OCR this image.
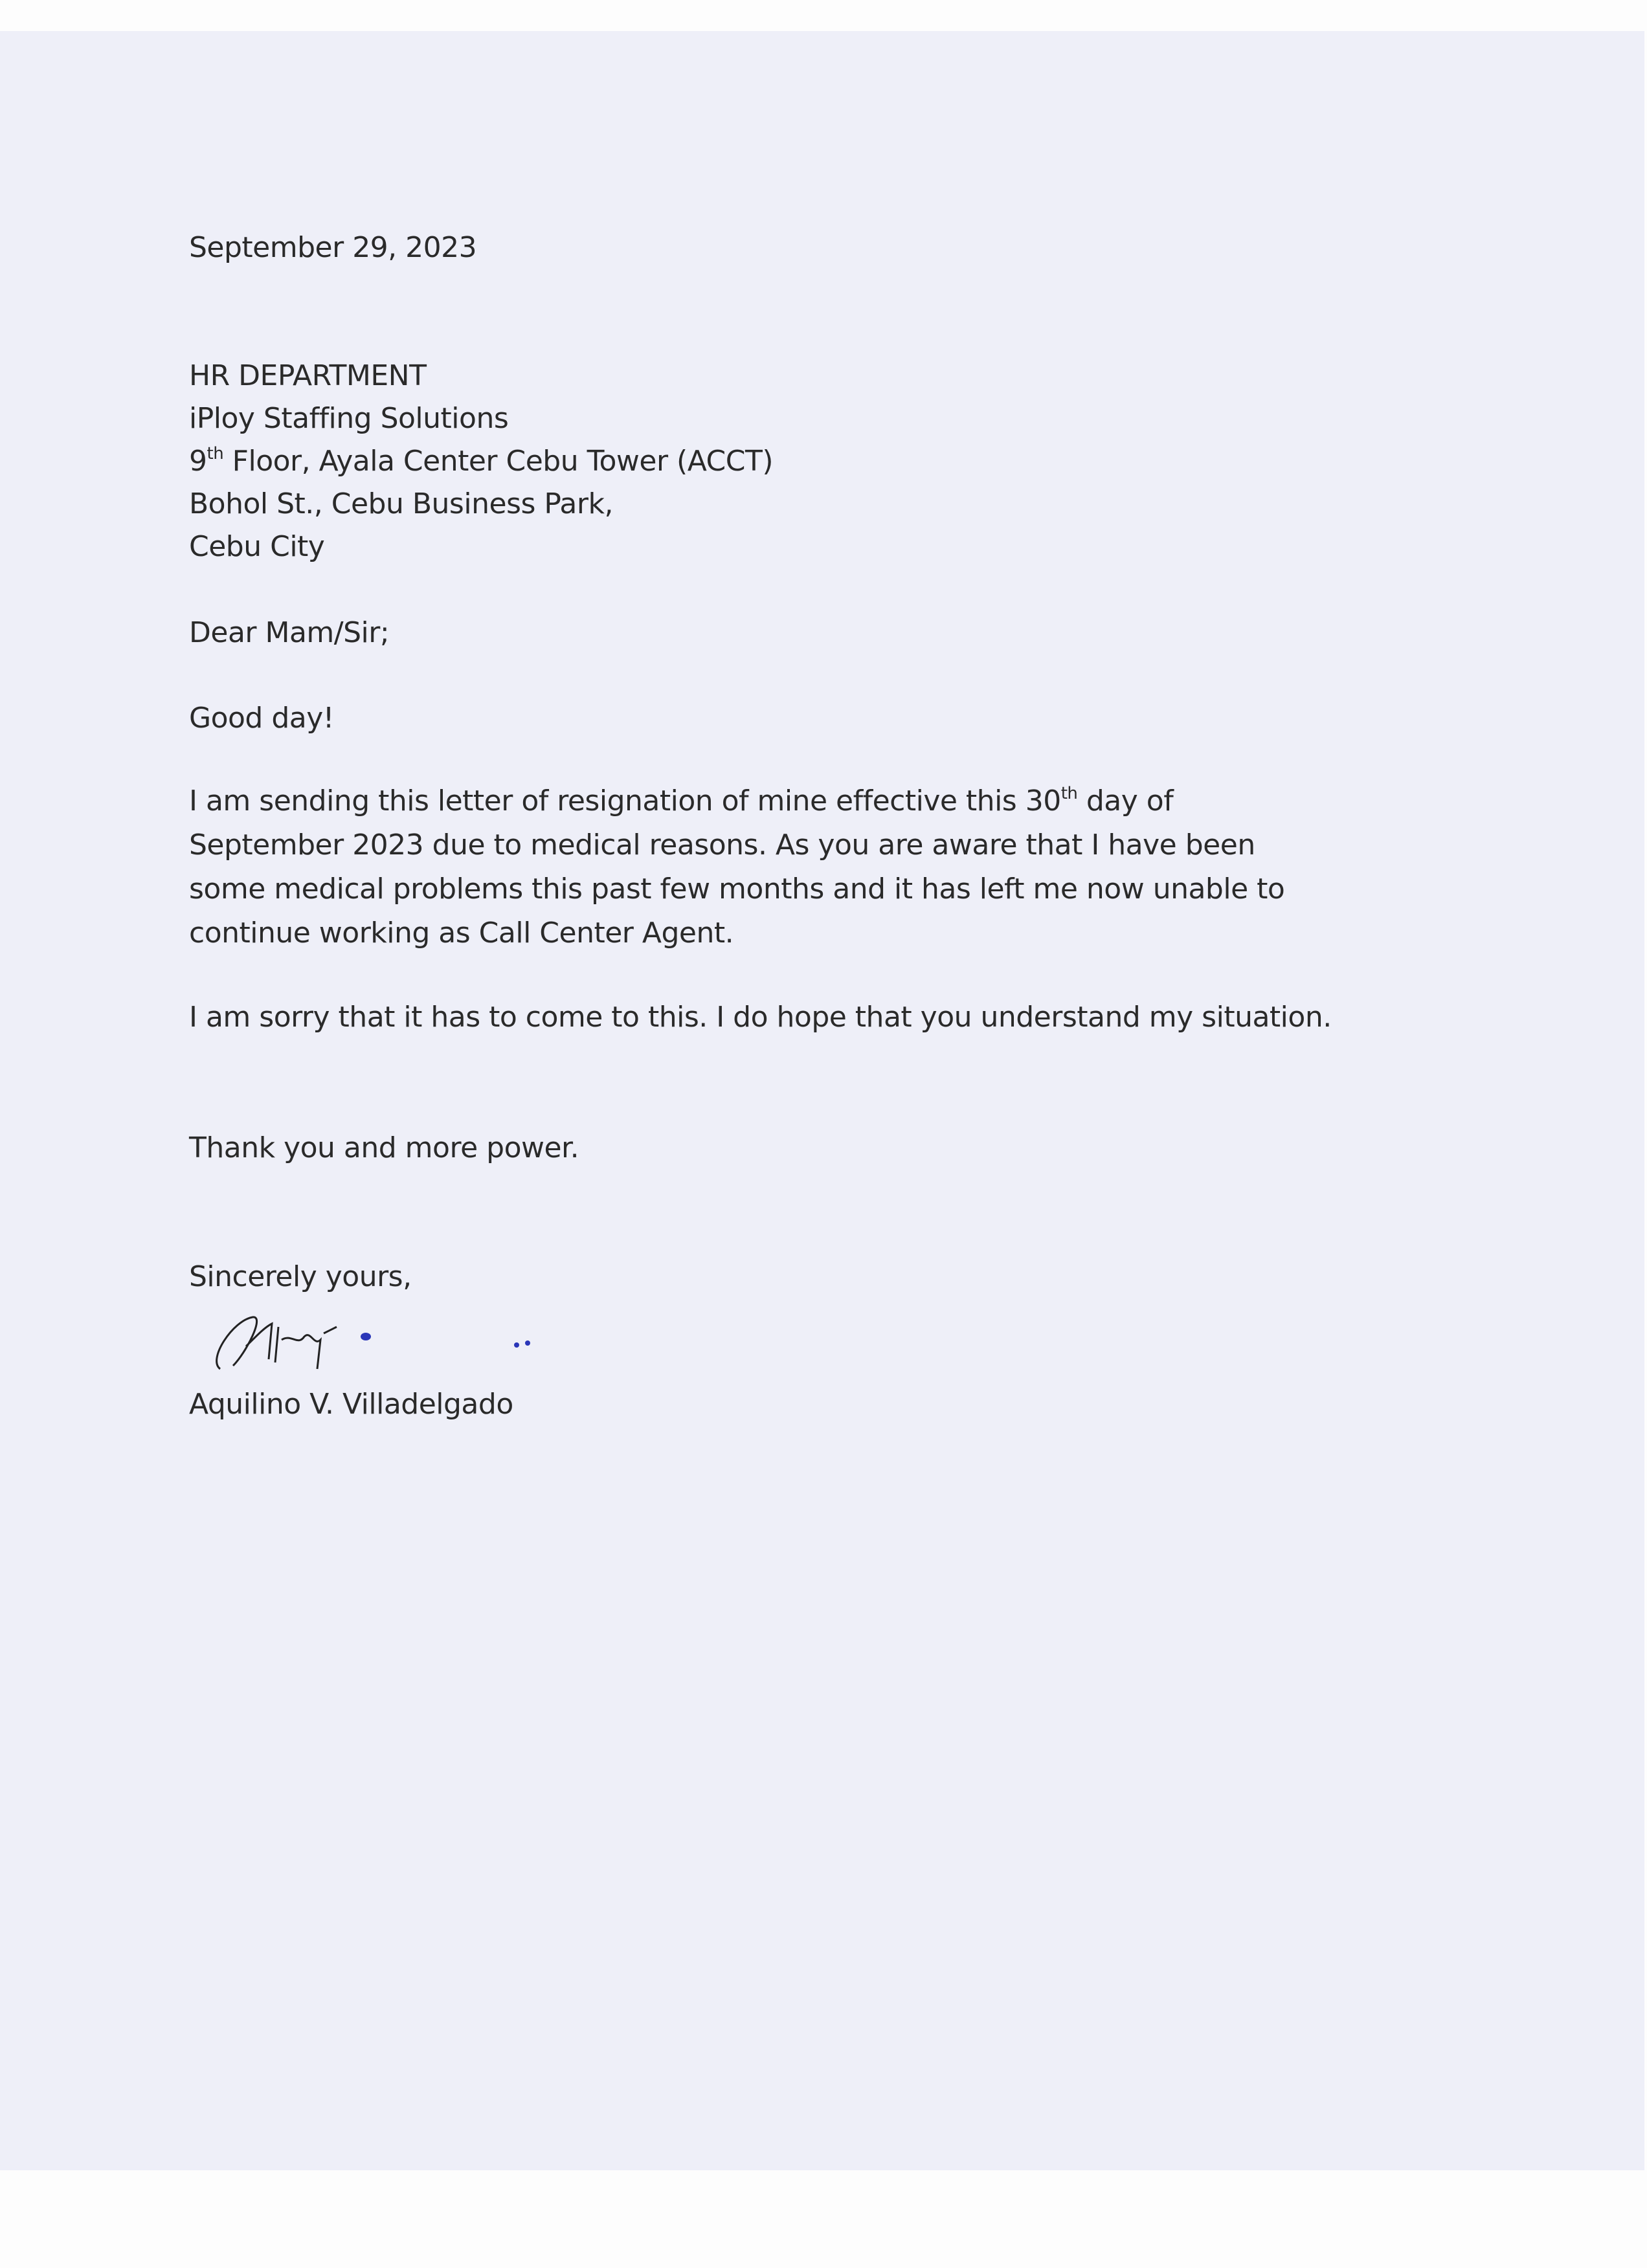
September 29, 2023
HR DEPARTMENT
iPloy Staffing Solutions
9th Floor, Ayala Center Cebu Tower (ACCT)
Bohol St., Cebu Business Park,
Cebu City
Dear Mam/Sir;
Good day!
I am sending this letter of resignation of mine effective this 30th day of
September 2023 due to medical reasons. As you are aware that I have been
some medical problems this past few months and it has left me now unable to
continue working as Call Center Agent.
I am sorry that it has to come to this. I do hope that you understand my situation.
Thank you and more power.
Sincerely yours,
Aquilino V. Villadelgado
